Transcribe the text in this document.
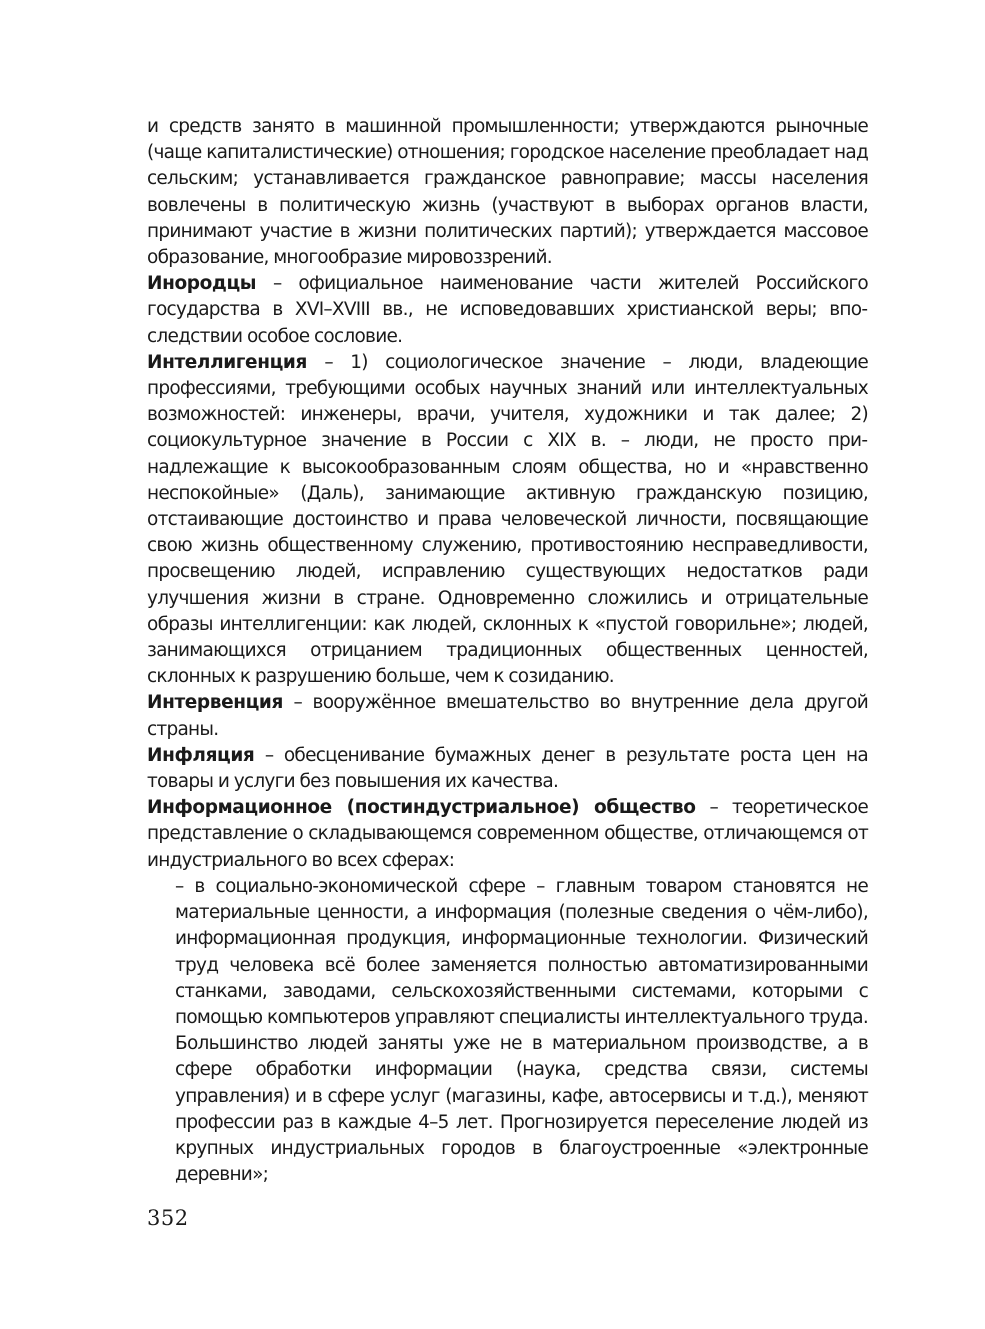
и средств занято в машинной промышленности; утверждаются рыночные (чаще капиталистические) отношения; городское население преобладает над сельским; устанавливается гражданское равноправие; массы населения вовлечены в политическую жизнь (участвуют в выборах органов власти, принимают участие в жизни политических партий); утверждается массовое образование, многообразие мировоззрений.

Инородцы – официальное наименование части жителей Российского государства в XVI–XVIII вв., не исповедовавших христианской веры; впоследствии особое сословие.

Интеллигенция – 1) социологическое значение – люди, владеющие профессиями, требующими особых научных знаний или интеллектуальных возможностей: инженеры, врачи, учителя, художники и так далее; 2) социокультурное значение в России с XIX в. – люди, не просто принадлежащие к высокообразованным слоям общества, но и «нравственно неспокойные» (Даль), занимающие активную гражданскую позицию, отстаивающие достоинство и права человеческой личности, посвящающие свою жизнь общественному служению, противостоянию несправедливости, просвещению людей, исправлению существующих недостатков ради улучшения жизни в стране. Одновременно сложились и отрицательные образы интеллигенции: как людей, склонных к «пустой говорильне»; людей, занимающихся отрицанием традиционных общественных ценностей, склонных к разрушению больше, чем к созиданию.

Интервенция – вооружённое вмешательство во внутренние дела другой страны.

Инфляция – обесценивание бумажных денег в результате роста цен на товары и услуги без повышения их качества.

Информационное (постиндустриальное) общество – теоретическое представление о складывающемся современном обществе, отличающемся от индустриального во всех сферах:

– в социально-экономической сфере – главным товаром становятся не материальные ценности, а информация (полезные сведения о чём-либо), информационная продукция, информационные технологии. Физический труд человека всё более заменяется полностью автоматизированными станками, заводами, сельскохозяйственными системами, которыми с помощью компьютеров управляют специалисты интеллектуального труда. Большинство людей заняты уже не в материальном производстве, а в сфере обработки информации (наука, средства связи, системы управления) и в сфере услуг (магазины, кафе, автосервисы и т.д.), меняют профессии раз в каждые 4–5 лет. Прогнозируется переселение людей из крупных индустриальных городов в благоустроенные «электронные деревни»;

352
